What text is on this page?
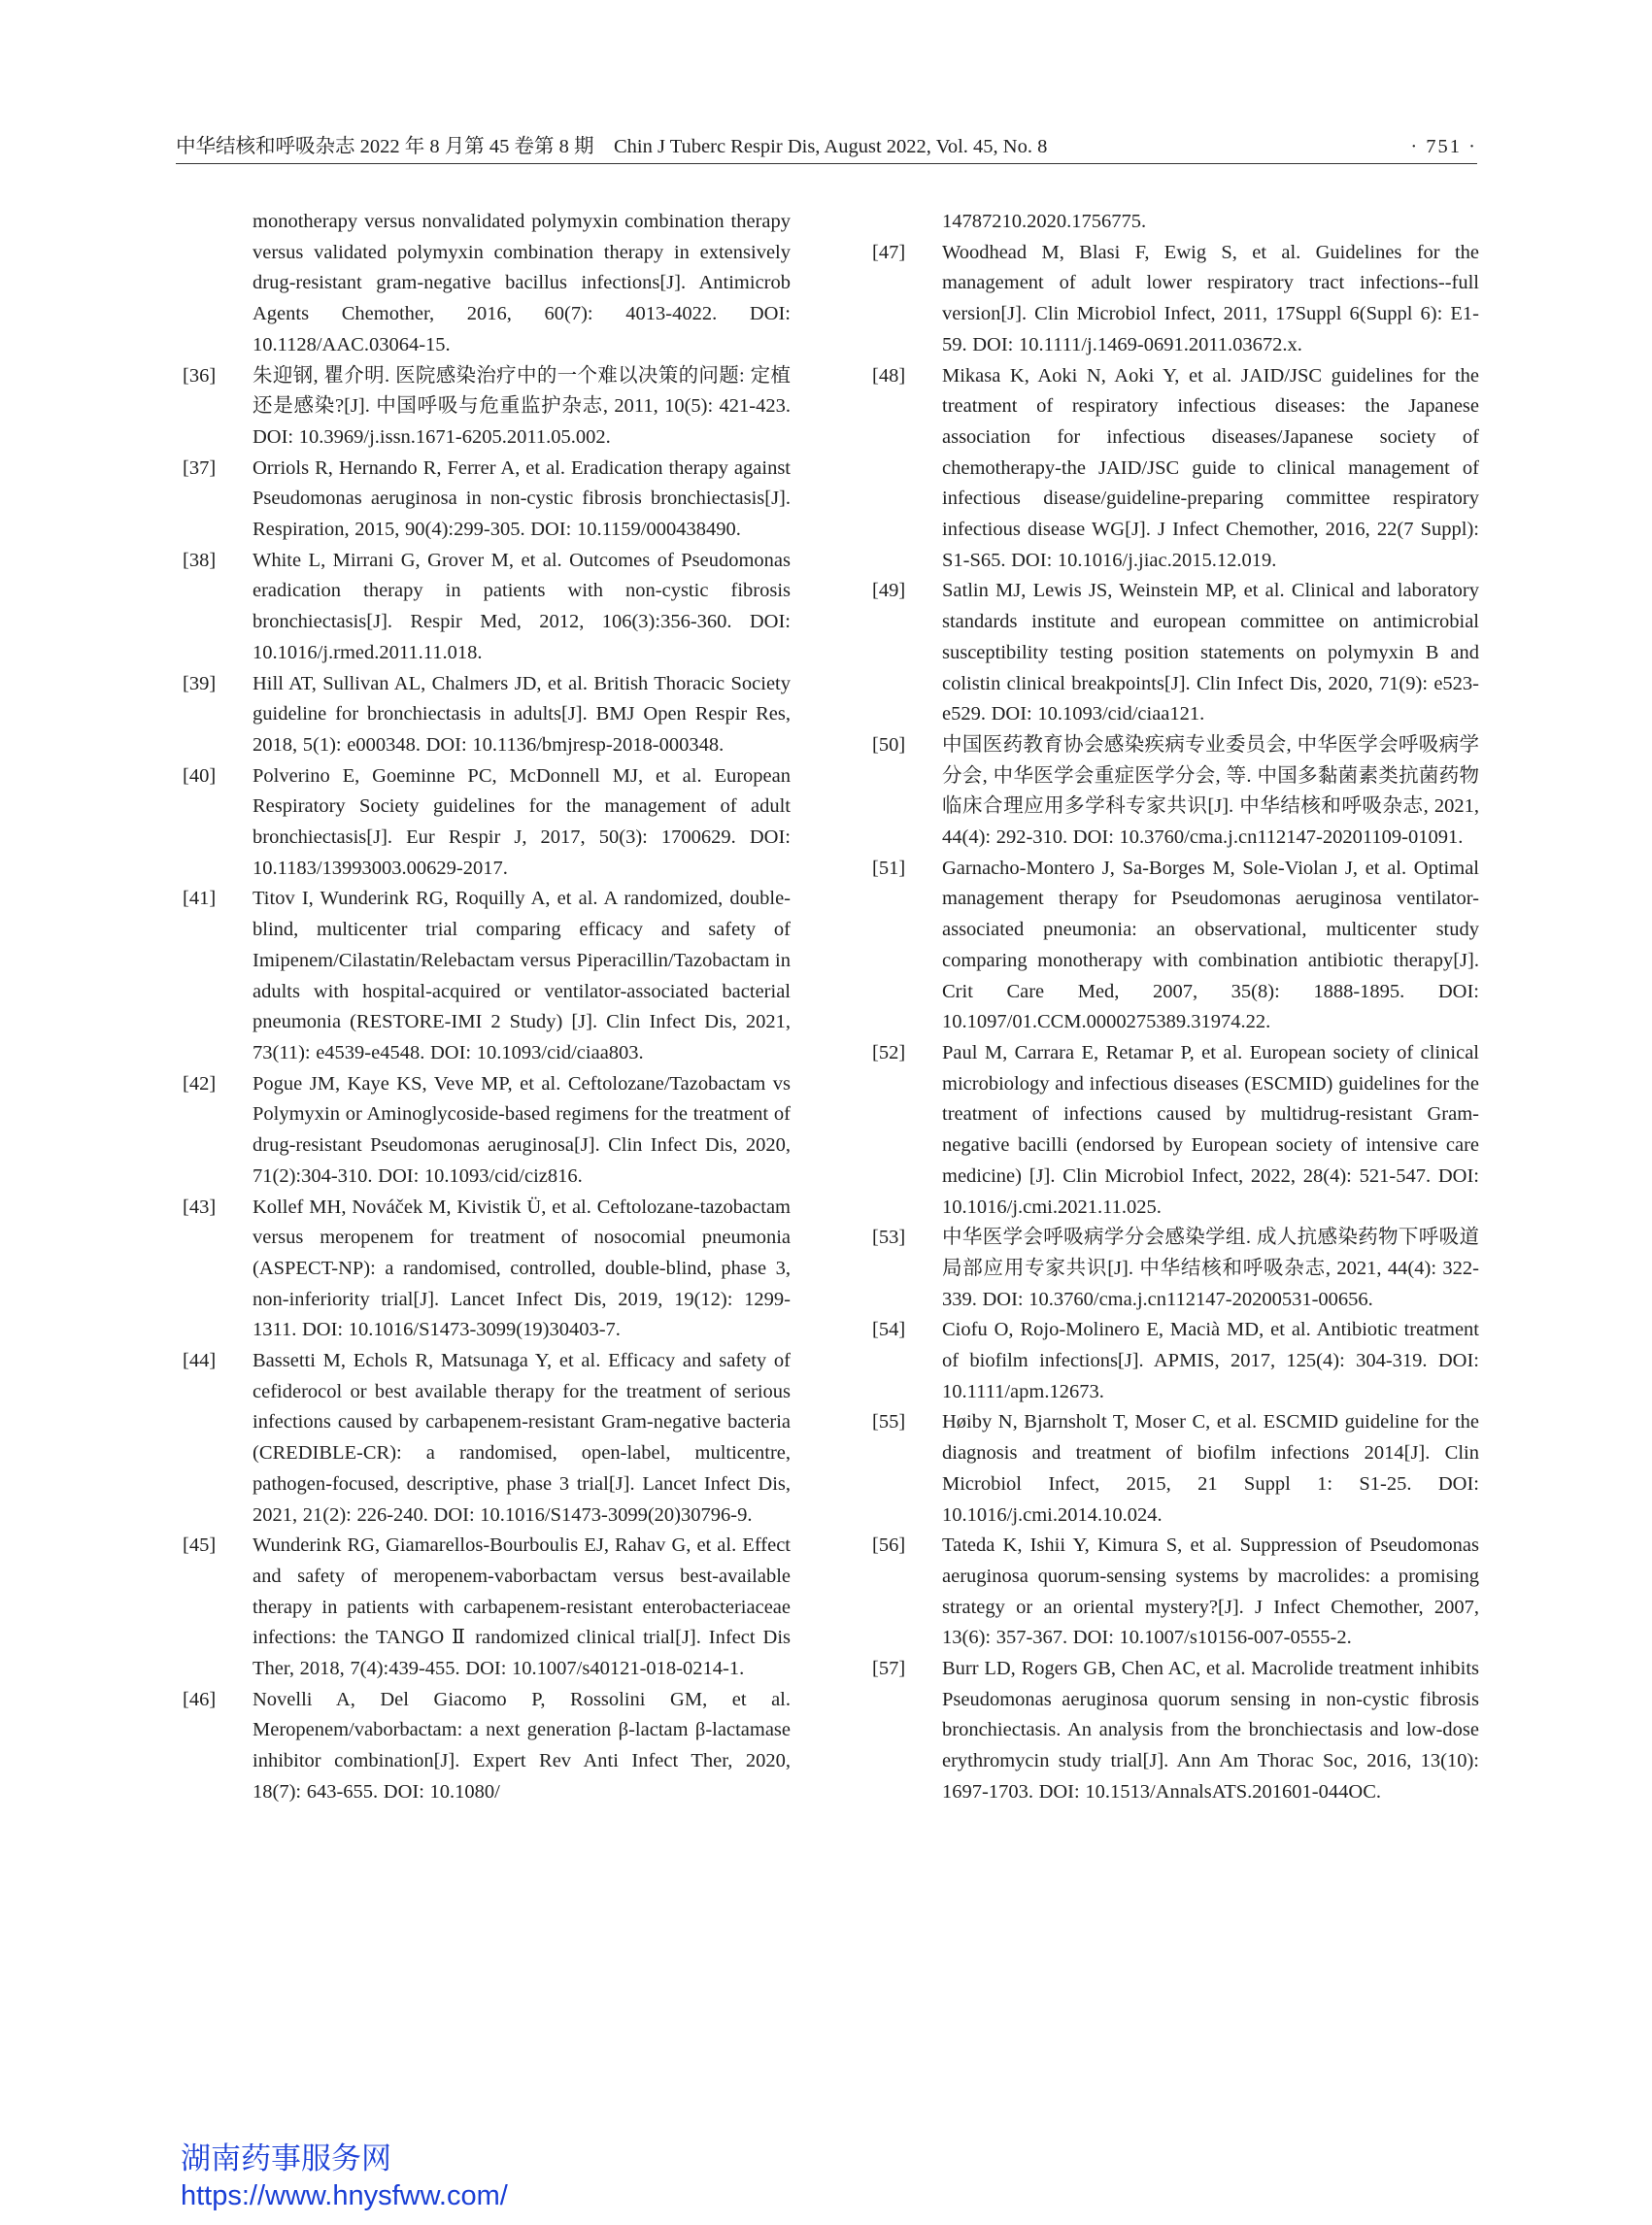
中华结核和呼吸杂志 2022 年 8 月第 45 卷第 8 期　Chin J Tuberc Respir Dis, August 2022, Vol. 45, No. 8	· 751 ·
monotherapy versus nonvalidated polymyxin combination therapy versus validated polymyxin combination therapy in extensively drug-resistant gram-negative bacillus infections[J]. Antimicrob Agents Chemother, 2016, 60(7): 4013-4022. DOI: 10.1128/AAC.03064-15.
[36] 朱迎钢, 瞿介明. 医院感染治疗中的一个难以决策的问题: 定植还是感染?[J]. 中国呼吸与危重监护杂志, 2011, 10(5): 421-423. DOI: 10.3969/j.issn.1671-6205.2011.05.002.
[37] Orriols R, Hernando R, Ferrer A, et al. Eradication therapy against Pseudomonas aeruginosa in non-cystic fibrosis bronchiectasis[J]. Respiration, 2015, 90(4):299-305. DOI: 10.1159/000438490.
[38] White L, Mirrani G, Grover M, et al. Outcomes of Pseudomonas eradication therapy in patients with non-cystic fibrosis bronchiectasis[J]. Respir Med, 2012, 106(3):356-360. DOI: 10.1016/j.rmed.2011.11.018.
[39] Hill AT, Sullivan AL, Chalmers JD, et al. British Thoracic Society guideline for bronchiectasis in adults[J]. BMJ Open Respir Res, 2018, 5(1): e000348. DOI: 10.1136/bmjresp-2018-000348.
[40] Polverino E, Goeminne PC, McDonnell MJ, et al. European Respiratory Society guidelines for the management of adult bronchiectasis[J]. Eur Respir J, 2017, 50(3): 1700629. DOI: 10.1183/13993003.00629-2017.
[41] Titov I, Wunderink RG, Roquilly A, et al. A randomized, double-blind, multicenter trial comparing efficacy and safety of Imipenem/Cilastatin/Relebactam versus Piperacillin/Tazobactam in adults with hospital-acquired or ventilator-associated bacterial pneumonia (RESTORE-IMI 2 Study) [J]. Clin Infect Dis, 2021, 73(11): e4539-e4548. DOI: 10.1093/cid/ciaa803.
[42] Pogue JM, Kaye KS, Veve MP, et al. Ceftolozane/Tazobactam vs Polymyxin or Aminoglycoside-based regimens for the treatment of drug-resistant Pseudomonas aeruginosa[J]. Clin Infect Dis, 2020, 71(2):304-310. DOI: 10.1093/cid/ciz816.
[43] Kollef MH, Nováček M, Kivistik Ü, et al. Ceftolozane-tazobactam versus meropenem for treatment of nosocomial pneumonia (ASPECT-NP): a randomised, controlled, double-blind, phase 3, non-inferiority trial[J]. Lancet Infect Dis, 2019, 19(12): 1299-1311. DOI: 10.1016/S1473-3099(19)30403-7.
[44] Bassetti M, Echols R, Matsunaga Y, et al. Efficacy and safety of cefiderocol or best available therapy for the treatment of serious infections caused by carbapenem-resistant Gram-negative bacteria (CREDIBLE-CR): a randomised, open-label, multicentre, pathogen-focused, descriptive, phase 3 trial[J]. Lancet Infect Dis, 2021, 21(2): 226-240. DOI: 10.1016/S1473-3099(20)30796-9.
[45] Wunderink RG, Giamarellos-Bourboulis EJ, Rahav G, et al. Effect and safety of meropenem-vaborbactam versus best-available therapy in patients with carbapenem-resistant enterobacteriaceae infections: the TANGO Ⅱ randomized clinical trial[J]. Infect Dis Ther, 2018, 7(4):439-455. DOI: 10.1007/s40121-018-0214-1.
[46] Novelli A, Del Giacomo P, Rossolini GM, et al. Meropenem/vaborbactam: a next generation β-lactam β-lactamase inhibitor combination[J]. Expert Rev Anti Infect Ther, 2020, 18(7): 643-655. DOI: 10.1080/
14787210.2020.1756775.
[47] Woodhead M, Blasi F, Ewig S, et al. Guidelines for the management of adult lower respiratory tract infections--full version[J]. Clin Microbiol Infect, 2011, 17Suppl 6(Suppl 6): E1-59. DOI: 10.1111/j.1469-0691.2011.03672.x.
[48] Mikasa K, Aoki N, Aoki Y, et al. JAID/JSC guidelines for the treatment of respiratory infectious diseases: the Japanese association for infectious diseases/Japanese society of chemotherapy-the JAID/JSC guide to clinical management of infectious disease/guideline-preparing committee respiratory infectious disease WG[J]. J Infect Chemother, 2016, 22(7 Suppl): S1-S65. DOI: 10.1016/j.jiac.2015.12.019.
[49] Satlin MJ, Lewis JS, Weinstein MP, et al. Clinical and laboratory standards institute and european committee on antimicrobial susceptibility testing position statements on polymyxin B and colistin clinical breakpoints[J]. Clin Infect Dis, 2020, 71(9): e523-e529. DOI: 10.1093/cid/ciaa121.
[50] 中国医药教育协会感染疾病专业委员会, 中华医学会呼吸病学分会, 中华医学会重症医学分会, 等. 中国多黏菌素类抗菌药物临床合理应用多学科专家共识[J]. 中华结核和呼吸杂志, 2021, 44(4): 292-310. DOI: 10.3760/cma.j.cn112147-20201109-01091.
[51] Garnacho-Montero J, Sa-Borges M, Sole-Violan J, et al. Optimal management therapy for Pseudomonas aeruginosa ventilator-associated pneumonia: an observational, multicenter study comparing monotherapy with combination antibiotic therapy[J]. Crit Care Med, 2007, 35(8): 1888-1895. DOI: 10.1097/01.CCM.0000275389.31974.22.
[52] Paul M, Carrara E, Retamar P, et al. European society of clinical microbiology and infectious diseases (ESCMID) guidelines for the treatment of infections caused by multidrug-resistant Gram-negative bacilli (endorsed by European society of intensive care medicine) [J]. Clin Microbiol Infect, 2022, 28(4): 521-547. DOI: 10.1016/j.cmi.2021.11.025.
[53] 中华医学会呼吸病学分会感染学组. 成人抗感染药物下呼吸道局部应用专家共识[J]. 中华结核和呼吸杂志, 2021, 44(4): 322-339. DOI: 10.3760/cma.j.cn112147-20200531-00656.
[54] Ciofu O, Rojo-Molinero E, Macià MD, et al. Antibiotic treatment of biofilm infections[J]. APMIS, 2017, 125(4): 304-319. DOI: 10.1111/apm.12673.
[55] Høiby N, Bjarnsholt T, Moser C, et al. ESCMID guideline for the diagnosis and treatment of biofilm infections 2014[J]. Clin Microbiol Infect, 2015, 21 Suppl 1: S1-25. DOI: 10.1016/j.cmi.2014.10.024.
[56] Tateda K, Ishii Y, Kimura S, et al. Suppression of Pseudomonas aeruginosa quorum-sensing systems by macrolides: a promising strategy or an oriental mystery?[J]. J Infect Chemother, 2007, 13(6): 357-367. DOI: 10.1007/s10156-007-0555-2.
[57] Burr LD, Rogers GB, Chen AC, et al. Macrolide treatment inhibits Pseudomonas aeruginosa quorum sensing in non-cystic fibrosis bronchiectasis. An analysis from the bronchiectasis and low-dose erythromycin study trial[J]. Ann Am Thorac Soc, 2016, 13(10): 1697-1703. DOI: 10.1513/AnnalsATS.201601-044OC.
湖南药事服务网
https://www.hnysfww.com/
